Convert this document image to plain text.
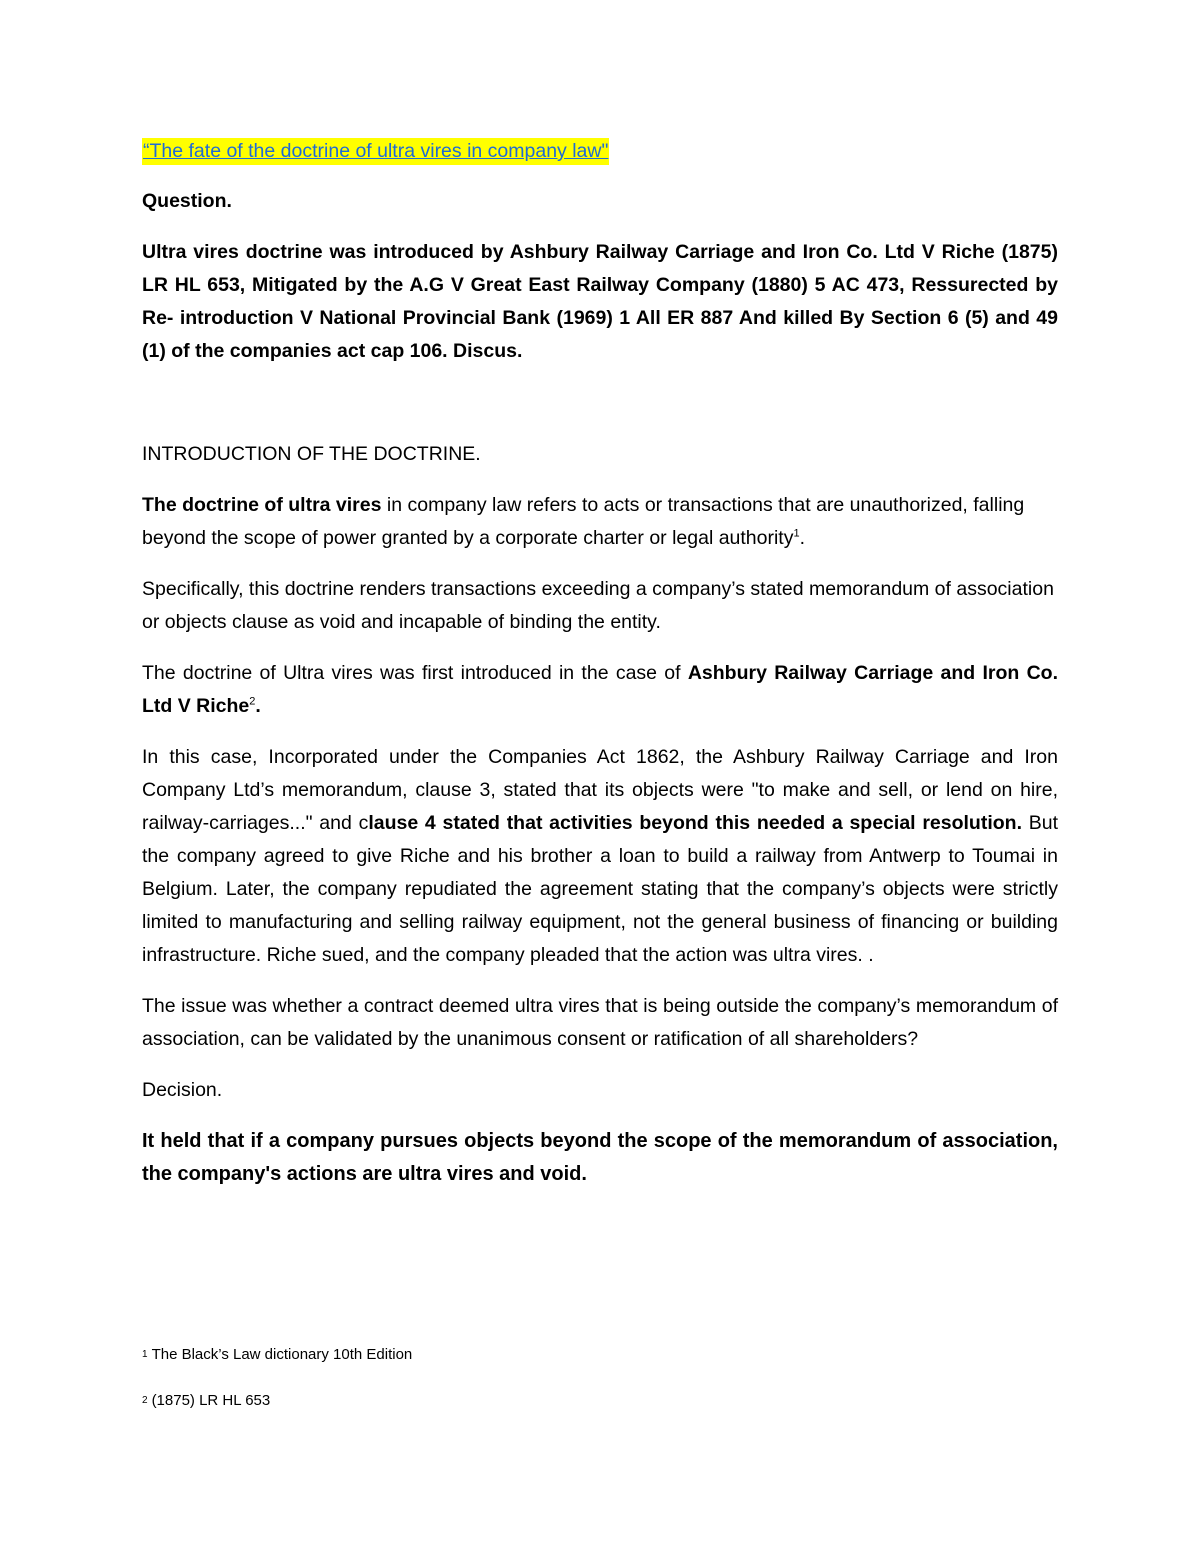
“The fate of the doctrine of ultra vires in company law"

Question.

Ultra vires doctrine was introduced by Ashbury Railway Carriage and Iron Co. Ltd V Riche (1875) LR HL 653, Mitigated by the A.G V Great East Railway Company (1880) 5 AC 473, Ressurected by Re- introduction V National Provincial Bank (1969) 1 All ER 887 And killed By Section 6 (5) and 49 (1) of the companies act cap 106. Discus.

INTRODUCTION OF THE DOCTRINE.

The doctrine of ultra vires in company law refers to acts or transactions that are unauthorized, falling beyond the scope of power granted by a corporate charter or legal authority$^1$.

Specifically, this doctrine renders transactions exceeding a company’s stated memorandum of association or objects clause as void and incapable of binding the entity.

The doctrine of Ultra vires was first introduced in the case of Ashbury Railway Carriage and Iron Co. Ltd V Riche$^2$.

In this case, Incorporated under the Companies Act 1862, the Ashbury Railway Carriage and Iron Company Ltd’s memorandum, clause 3, stated that its objects were "to make and sell, or lend on hire, railway-carriages..." and clause 4 stated that activities beyond this needed a special resolution. But the company agreed to give Riche and his brother a loan to build a railway from Antwerp to Toumai in Belgium. Later, the company repudiated the agreement stating that the company’s objects were strictly limited to manufacturing and selling railway equipment, not the general business of financing or building infrastructure. Riche sued, and the company pleaded that the action was ultra vires. .

The issue was whether a contract deemed ultra vires that is being outside the company’s memorandum of association, can be validated by the unanimous consent or ratification of all shareholders?

Decision.

It held that if a company pursues objects beyond the scope of the memorandum of association, the company's actions are ultra vires and void.

$^1$ The Black’s Law dictionary 10th Edition

$^2$ (1875) LR HL 653
